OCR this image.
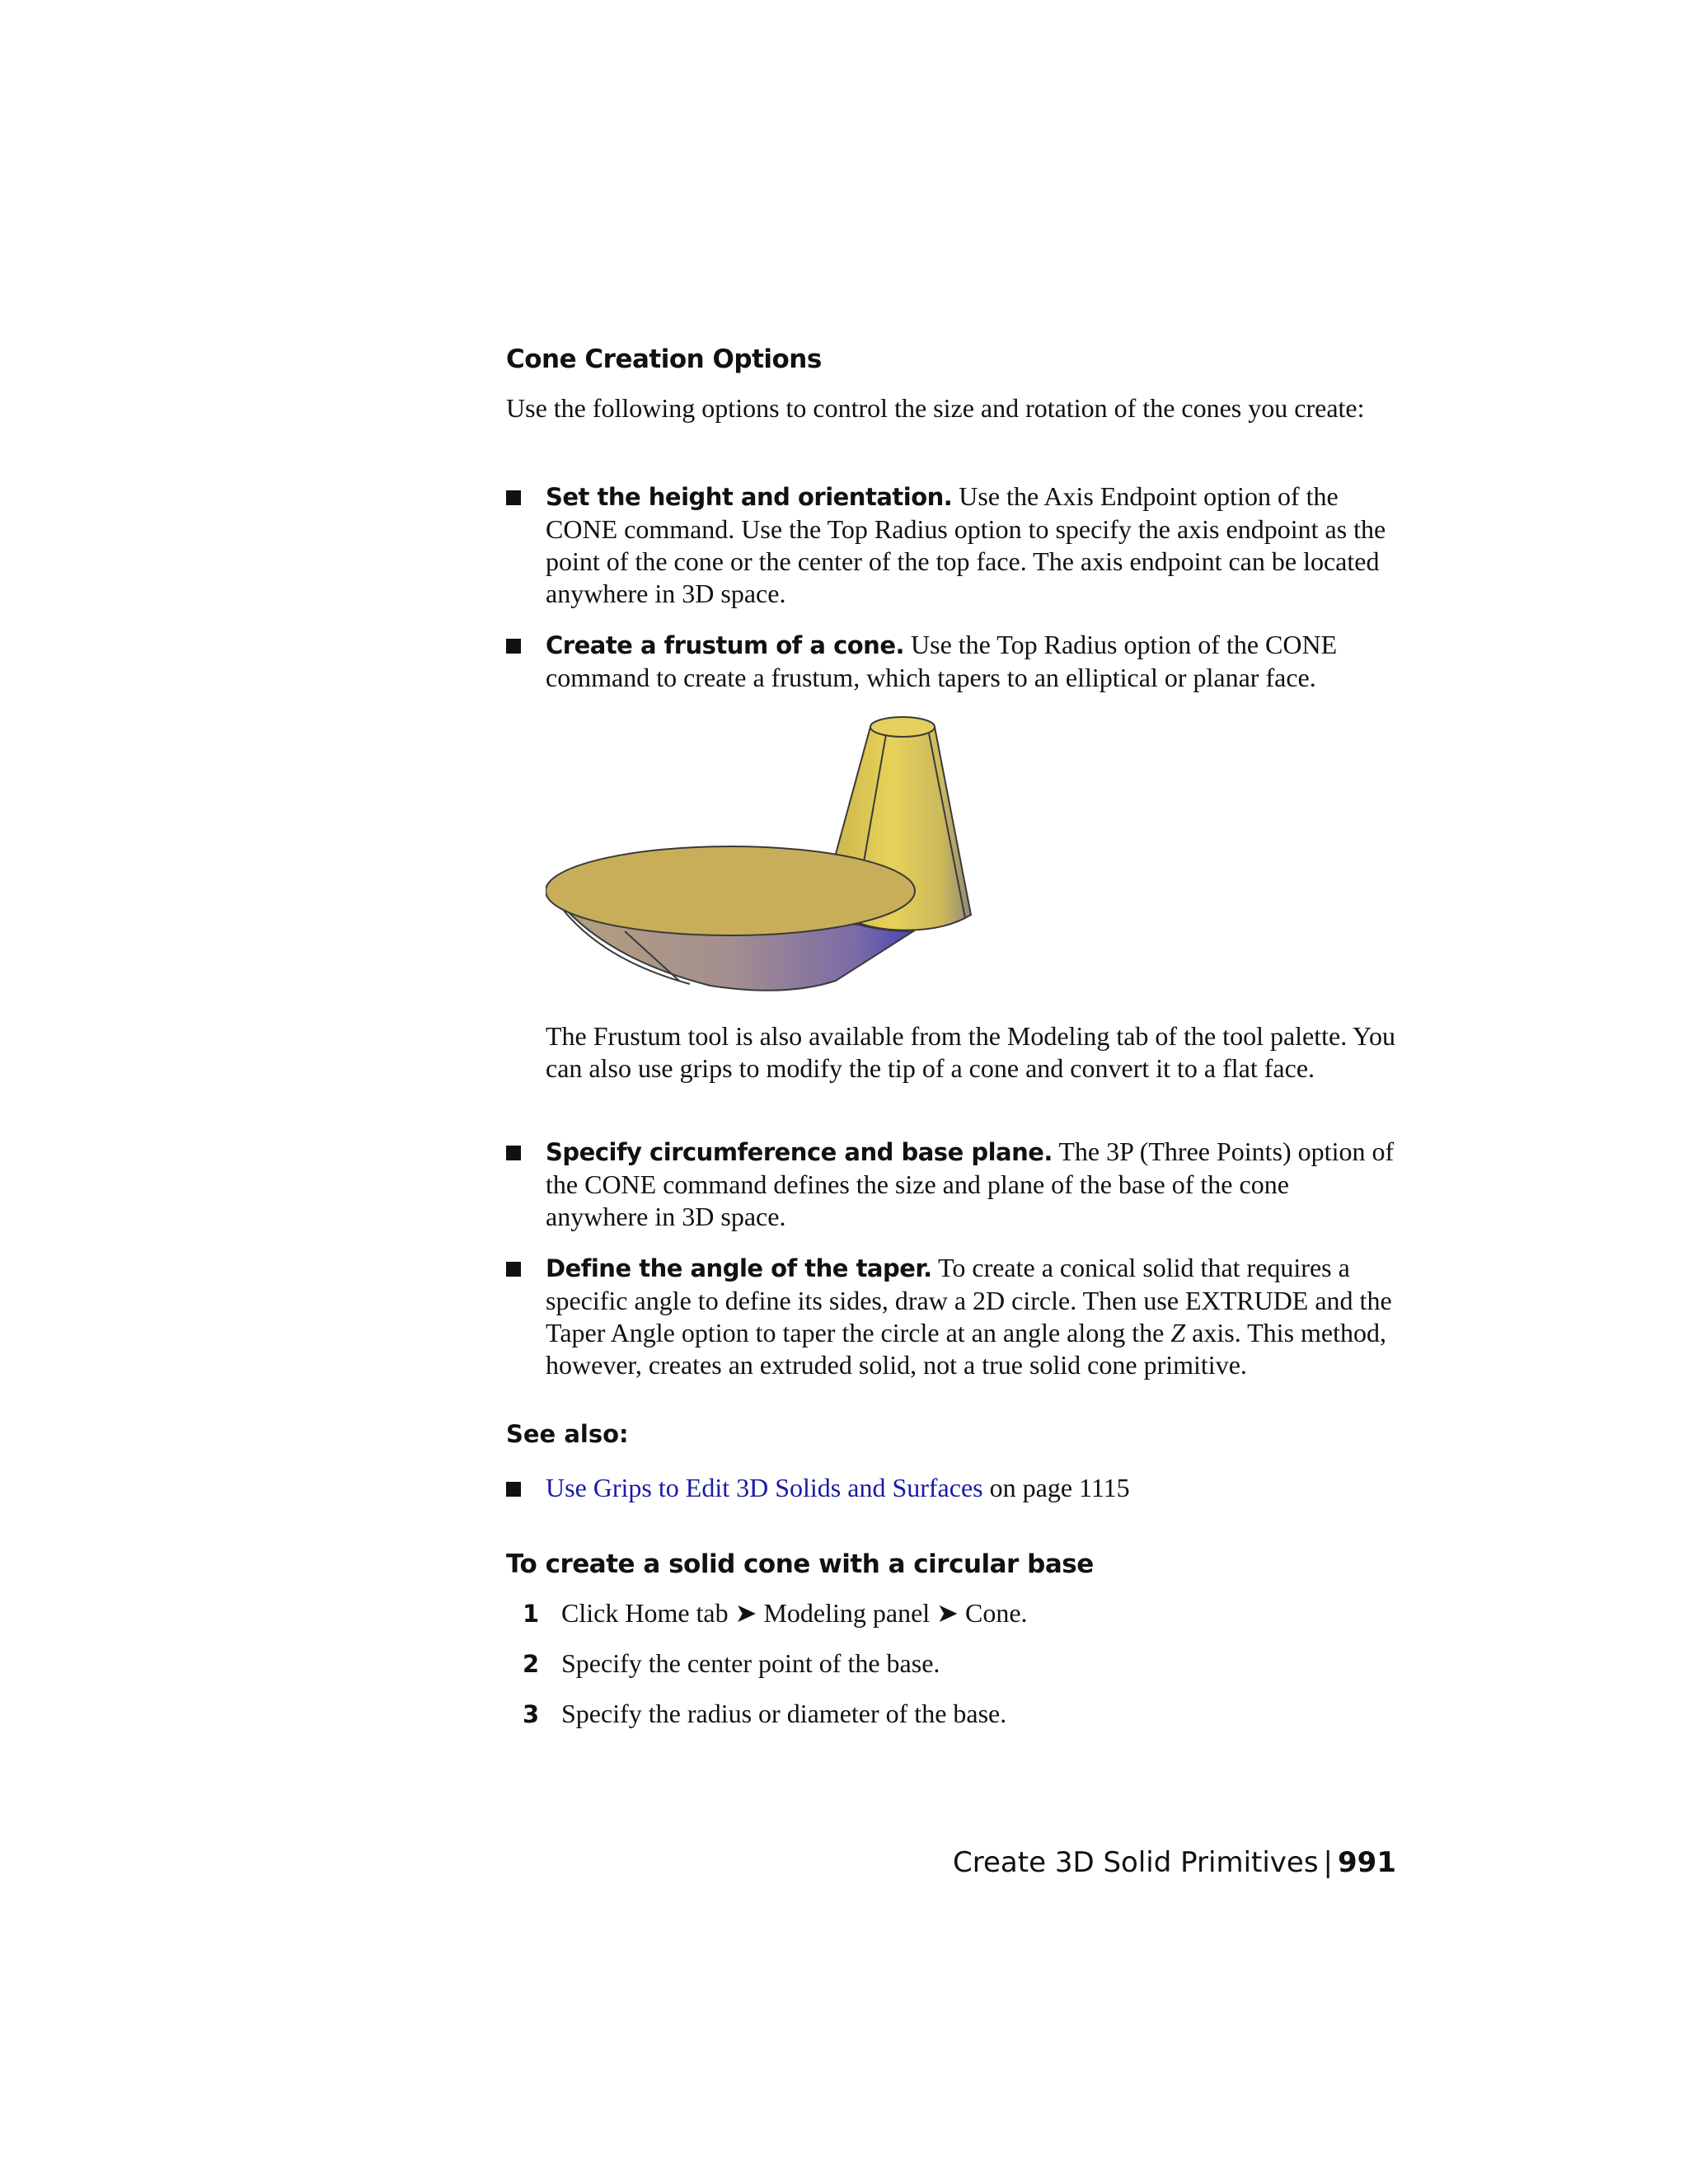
Cone Creation Options

Use the following options to control the size and rotation of the cones you create:

Set the height and orientation. Use the Axis Endpoint option of the CONE command. Use the Top Radius option to specify the axis endpoint as the point of the cone or the center of the top face. The axis endpoint can be located anywhere in 3D space.
Create a frustum of a cone. Use the Top Radius option of the CONE command to create a frustum, which tapers to an elliptical or planar face.

The Frustum tool is also available from the Modeling tab of the tool palette. You can also use grips to modify the tip of a cone and convert it to a flat face.

Specify circumference and base plane. The 3P (Three Points) option of the CONE command defines the size and plane of the base of the cone anywhere in 3D space.
Define the angle of the taper. To create a conical solid that requires a specific angle to define its sides, draw a 2D circle. Then use EXTRUDE and the Taper Angle option to taper the circle at an angle along the Z axis. This method, however, creates an extruded solid, not a true solid cone primitive.
See also:
Use Grips to Edit 3D Solids and Surfaces on page 1115
To create a solid cone with a circular base
1 Click Home tab ➤ Modeling panel ➤ Cone.
2 Specify the center point of the base.
3 Specify the radius or diameter of the base.
Create 3D Solid Primitives | 991
